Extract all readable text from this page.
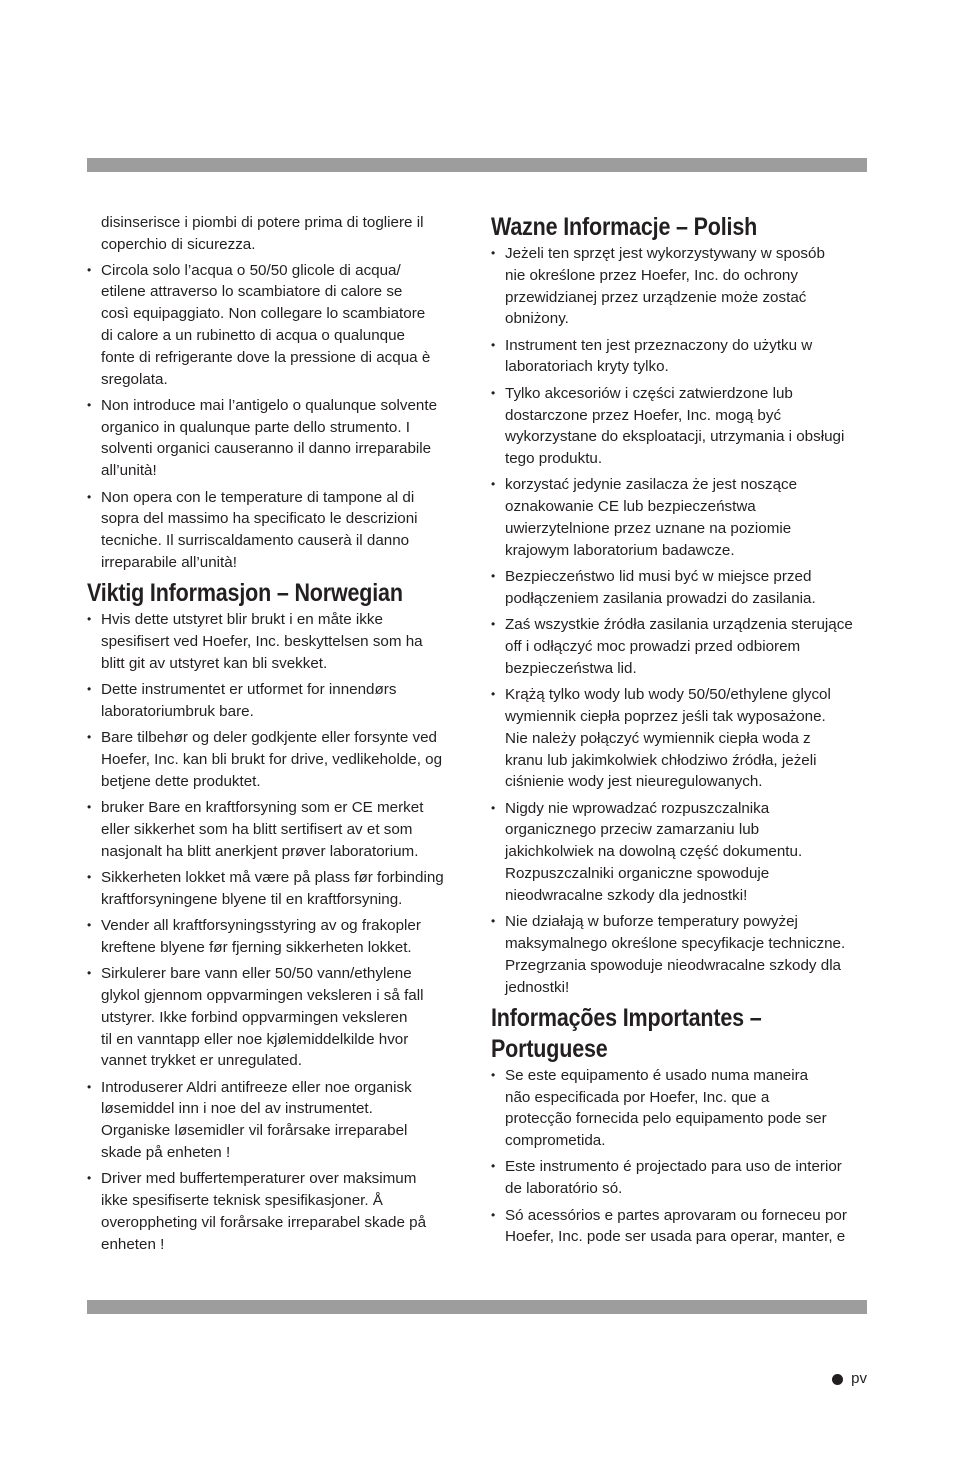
disinserisce i piombi di potere prima di togliere il
coperchio di sicurezza.

• Circola solo l’acqua o 50/50 glicole di acqua/
etilene attraverso lo scambiatore di calore se
così equipaggiato. Non collegare lo scambiatore
di calore a un rubinetto di acqua o qualunque
fonte di refrigerante dove la pressione di acqua è
sregolata.
• Non introduce mai l’antigelo o qualunque solvente
organico in qualunque parte dello strumento. I
solventi organici causeranno il danno irreparabile
all’unità!
• Non opera con le temperature di tampone al di
sopra del massimo ha specificato le descrizioni
tecniche. Il surriscaldamento causerà il danno
irreparabile all’unità!
Viktig Informasjon – Norwegian
• Hvis dette utstyret blir brukt i en måte ikke
spesifisert ved Hoefer, Inc. beskyttelsen som ha
blitt git av utstyret kan bli svekket.
• Dette instrumentet er utformet for innendørs
laboratoriumbruk bare.
• Bare tilbehør og deler godkjente eller forsynte ved
Hoefer, Inc. kan bli brukt for drive, vedlikeholde, og
betjene dette produktet.
• bruker Bare en kraftforsyning som er CE merket
eller sikkerhet som ha blitt sertifisert av et som
nasjonalt ha blitt anerkjent prøver laboratorium.
• Sikkerheten lokket må være på plass før forbinding
kraftforsyningene blyene til en kraftforsyning.
• Vender all kraftforsyningsstyring av og frakopler
kreftene blyene før fjerning sikkerheten lokket.
• Sirkulerer bare vann eller 50/50 vann/ethylene
glykol gjennom oppvarmingen veksleren i så fall
utstyrer. Ikke forbind oppvarmingen veksleren
til en vanntapp eller noe kjølemiddelkilde hvor
vannet trykket er unregulated.
• Introduserer Aldri antifreeze eller noe organisk
løsemiddel inn i noe del av instrumentet.
Organiske løsemidler vil forårsake irreparabel
skade på enheten !
• Driver med buffertemperaturer over maksimum
ikke spesifiserte teknisk spesifikasjoner. Å
overoppheting vil forårsake irreparabel skade på
enheten !
Wazne Informacje – Polish
• Jeżeli ten sprzęt jest wykorzystywany w sposób
nie określone przez Hoefer, Inc. do ochrony
przewidzianej przez urządzenie może zostać
obniżony.
• Instrument ten jest przeznaczony do użytku w
laboratoriach kryty tylko.
• Tylko akcesoriów i części zatwierdzone lub
dostarczone przez Hoefer, Inc. mogą być
wykorzystane do eksploatacji, utrzymania i obsługi
tego produktu.
• korzystać jedynie zasilacza że jest noszące
oznakowanie CE lub bezpieczeństwa
uwierzytelnione przez uznane na poziomie
krajowym laboratorium badawcze.
• Bezpieczeństwo lid musi być w miejsce przed
podłączeniem zasilania prowadzi do zasilania.
• Zaś wszystkie źródła zasilania urządzenia sterujące
off i odłączyć moc prowadzi przed odbiorem
bezpieczeństwa lid.
• Krążą tylko wody lub wody 50/50/ethylene glycol
wymiennik ciepła poprzez jeśli tak wyposażone.
Nie należy połączyć wymiennik ciepła woda z
kranu lub jakimkolwiek chłodziwo źródła, jeżeli
ciśnienie wody jest nieuregulowanych.
• Nigdy nie wprowadzać rozpuszczalnika
organicznego przeciw zamarzaniu lub
jakichkolwiek na dowolną część dokumentu.
Rozpuszczalniki organiczne spowoduje
nieodwracalne szkody dla jednostki!
• Nie działają w buforze temperatury powyżej
maksymalnego określone specyfikacje techniczne.
Przegrzania spowoduje nieodwracalne szkody dla
jednostki!
Informações Importantes –
Portuguese
• Se este equipamento é usado numa maneira
não especificada por Hoefer, Inc. que a
protecção fornecida pelo equipamento pode ser
comprometida.
• Este instrumento é projectado para uso de interior
de laboratório só.
• Só acessórios e partes aprovaram ou forneceu por
Hoefer, Inc. pode ser usada para operar, manter, e
pv
